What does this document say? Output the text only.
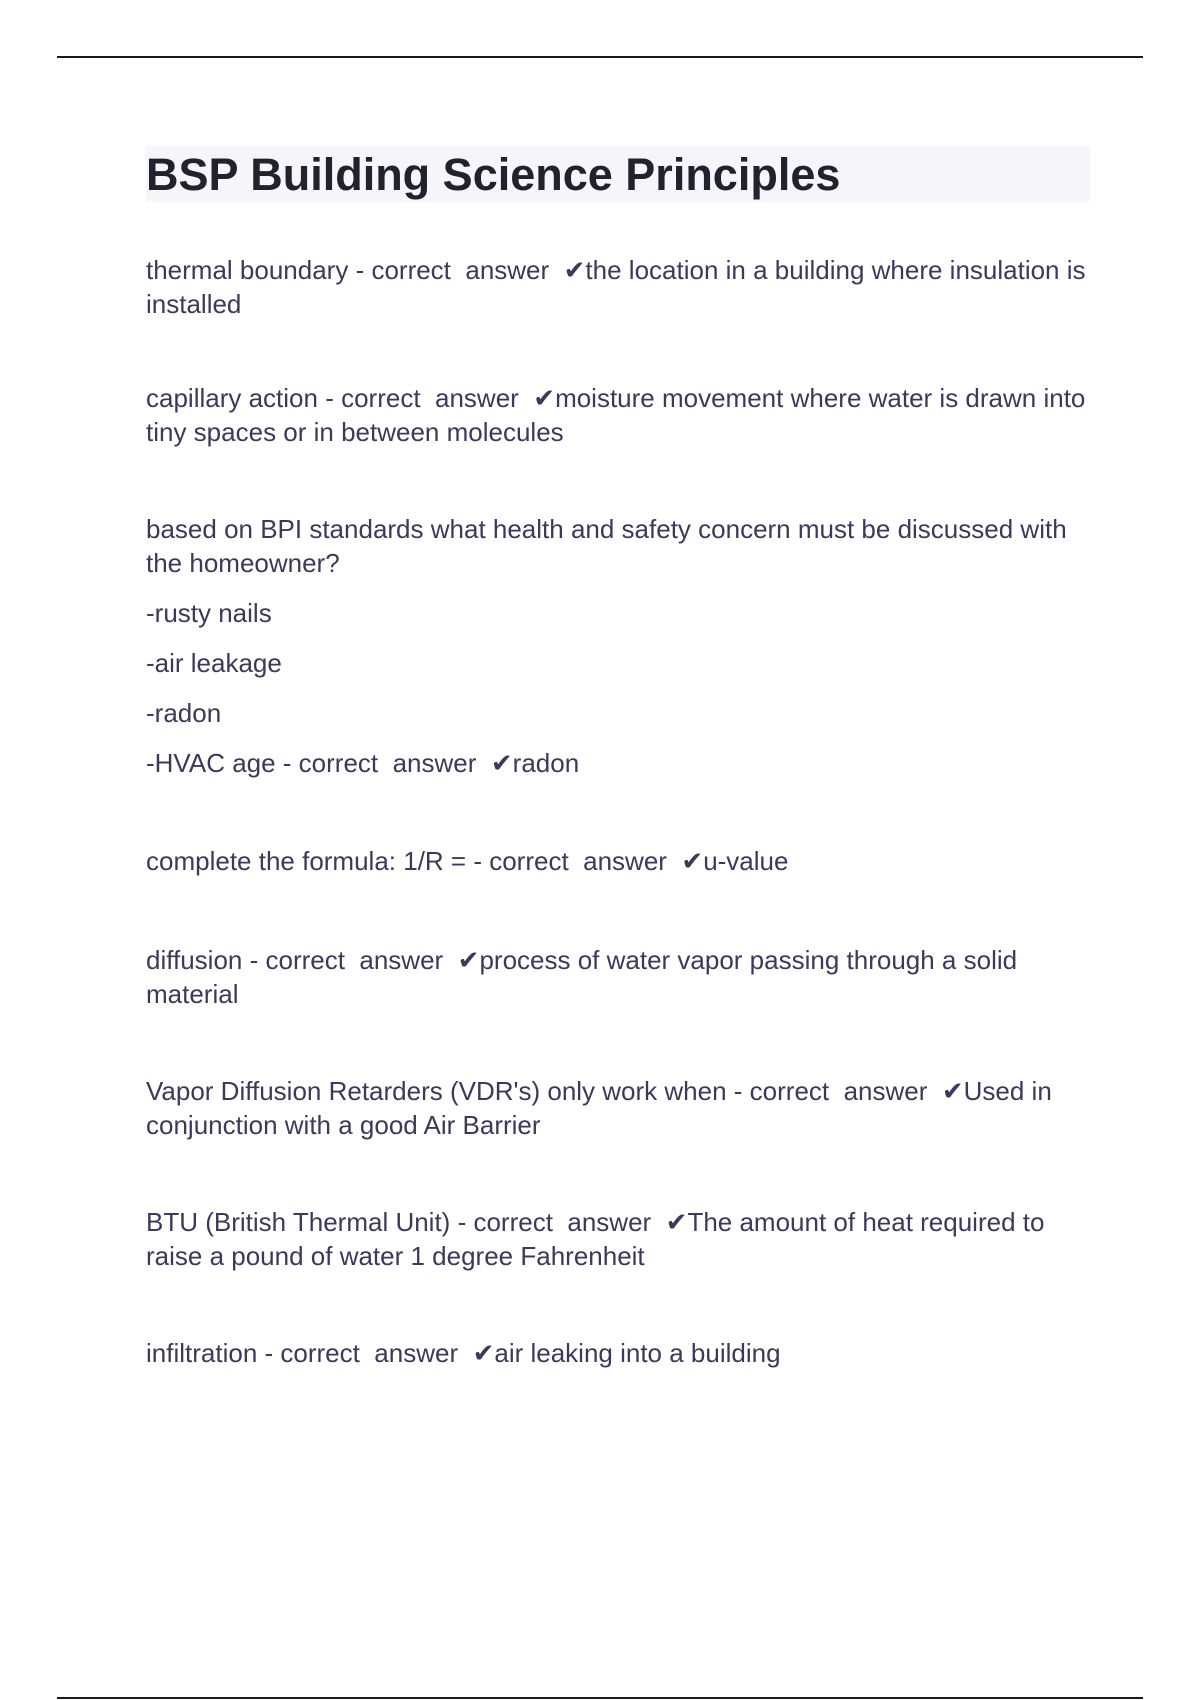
BSP Building Science Principles

thermal boundary - correct  answer  ✔the location in a building where insulation is installed

capillary action - correct  answer  ✔moisture movement where water is drawn into tiny spaces or in between molecules

based on BPI standards what health and safety concern must be discussed with the homeowner?
-rusty nails
-air leakage
-radon
-HVAC age - correct  answer  ✔radon

complete the formula: 1/R = - correct  answer  ✔u-value

diffusion - correct  answer  ✔process of water vapor passing through a solid material

Vapor Diffusion Retarders (VDR's) only work when - correct  answer  ✔Used in conjunction with a good Air Barrier

BTU (British Thermal Unit) - correct  answer  ✔The amount of heat required to raise a pound of water 1 degree Fahrenheit

infiltration - correct  answer  ✔air leaking into a building
